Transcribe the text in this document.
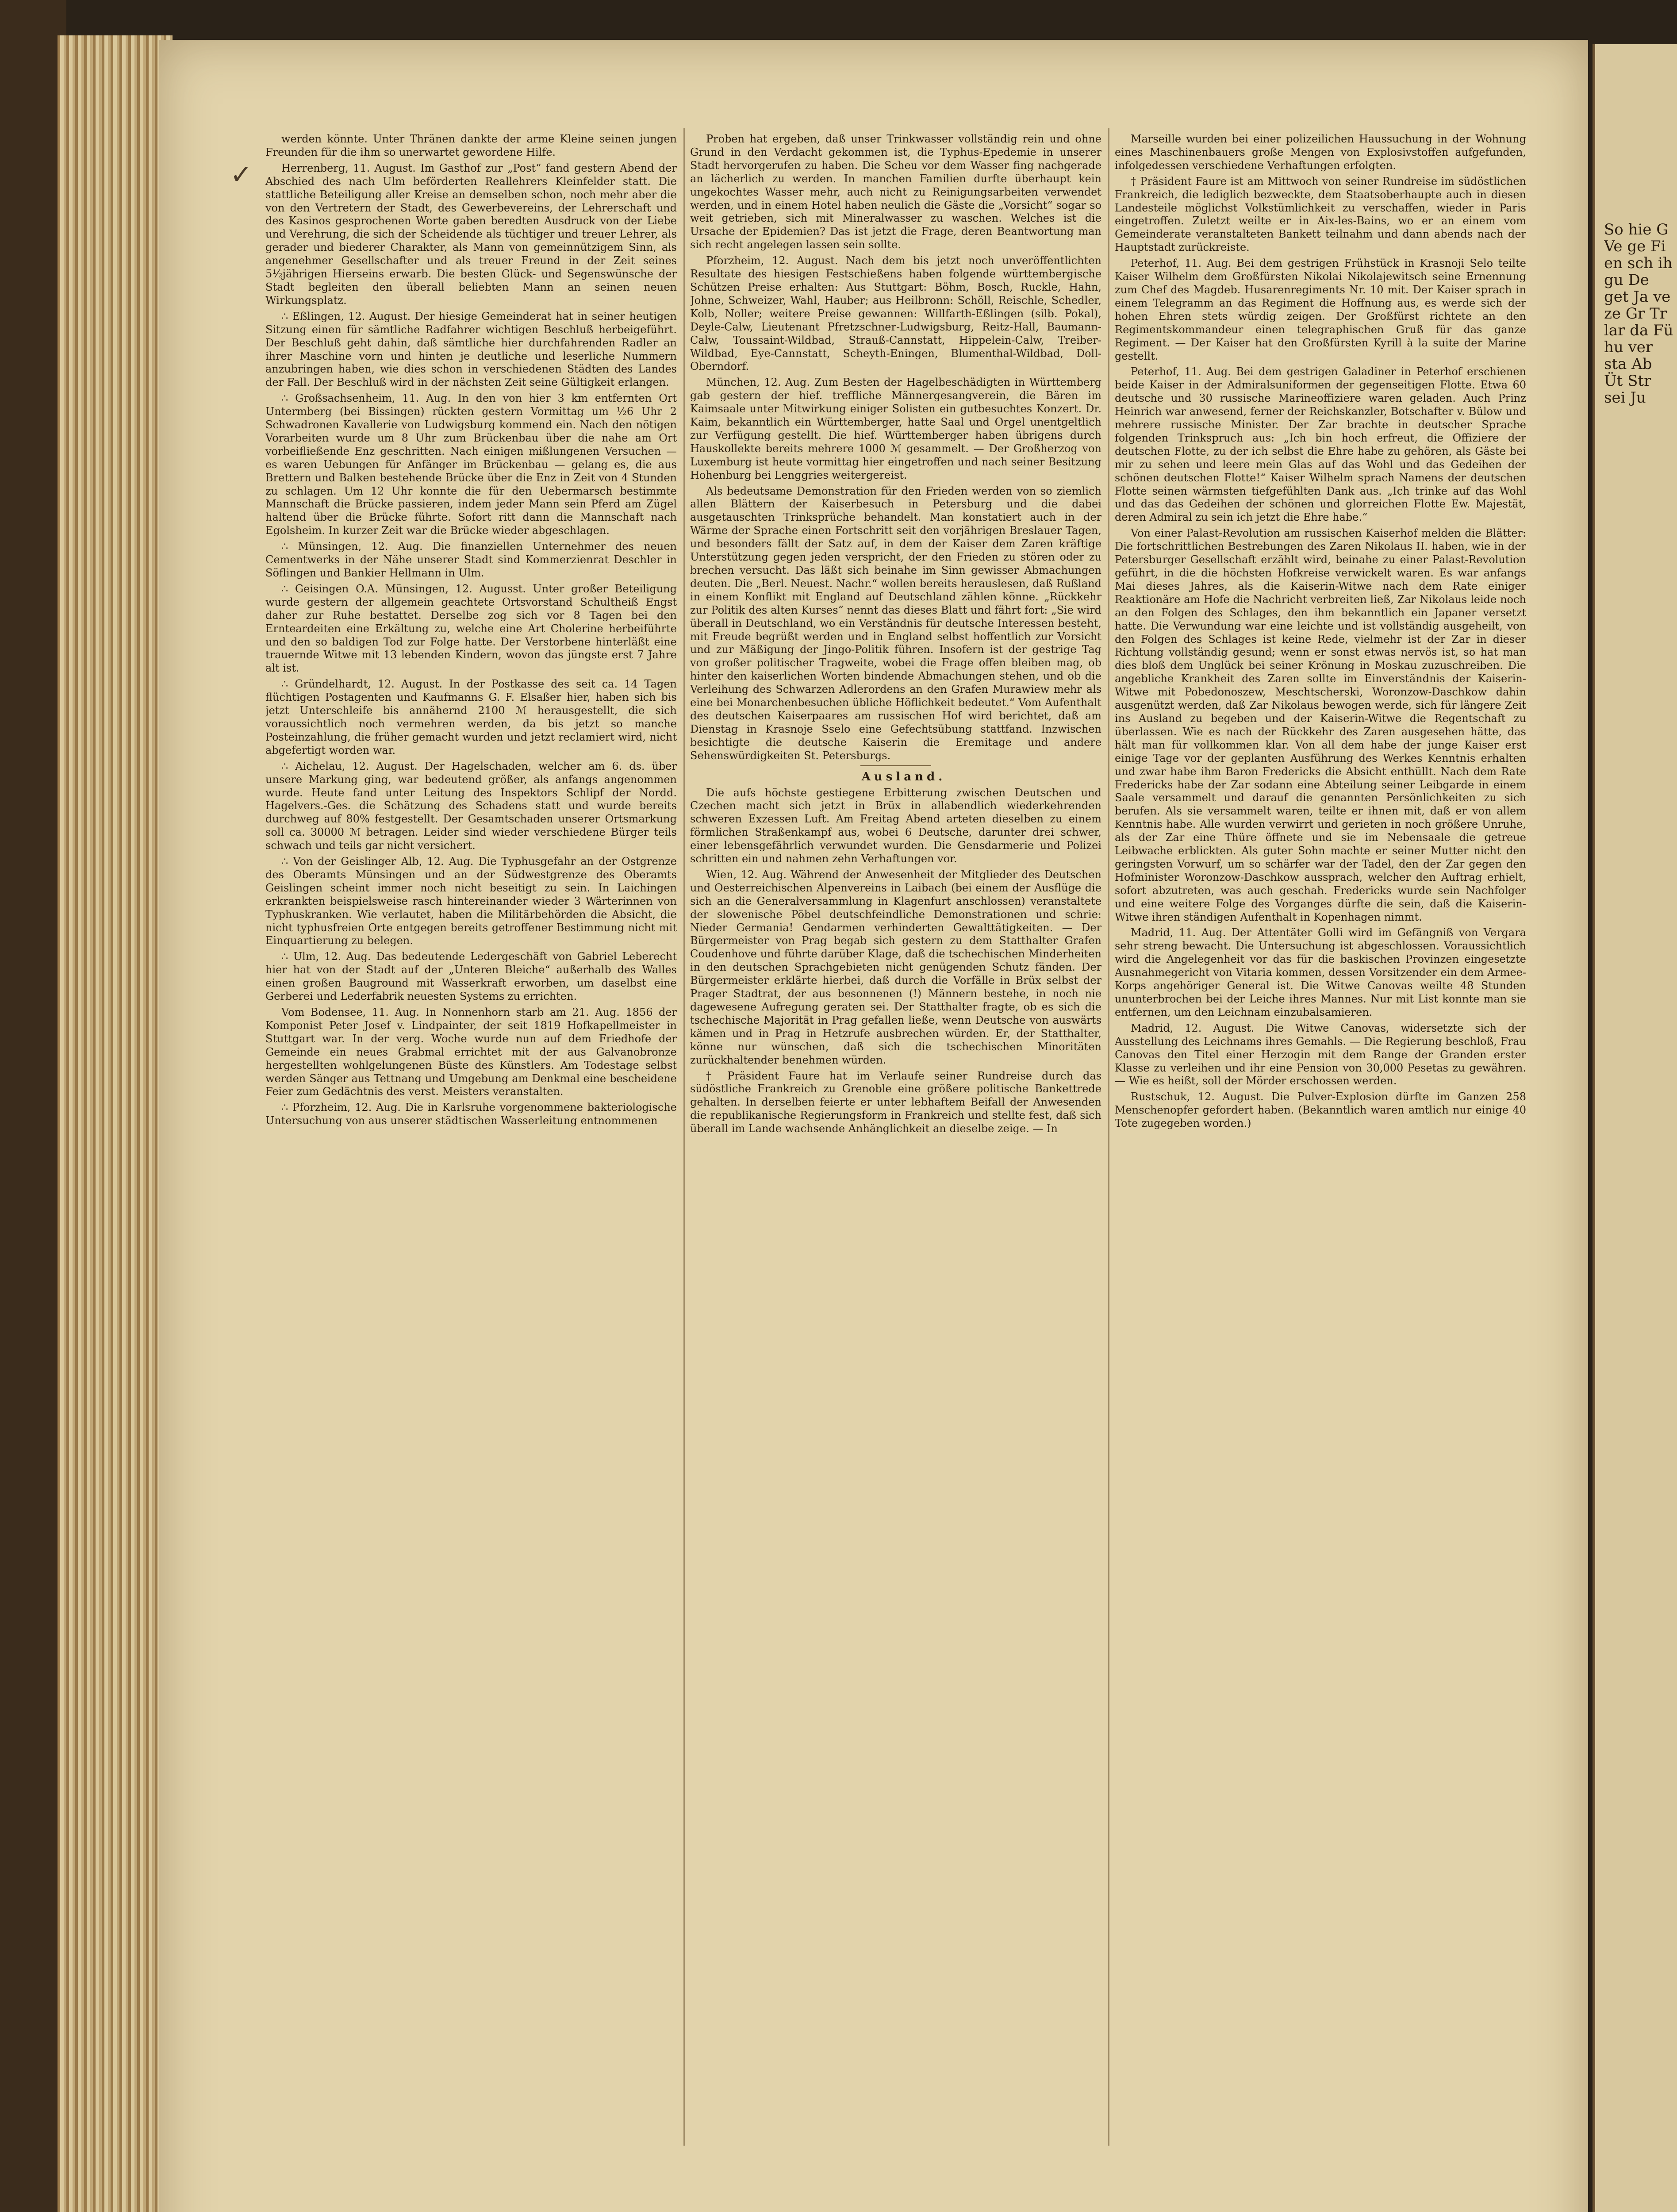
So hie G Ve ge Fi en sch ih gu De get Ja ve ze Gr Tr lar da Fü hu ver sta Ab Üt Str sei Ju
✓

werden könnte. Unter Thränen dankte der arme Kleine seinen jungen Freunden für die ihm so unerwartet gewordene Hilfe.

Herrenberg, 11. August. Im Gasthof zur „Post“ fand gestern Abend der Abschied des nach Ulm beförderten Reallehrers Kleinfelder statt. Die stattliche Beteiligung aller Kreise an demselben schon, noch mehr aber die von den Vertretern der Stadt, des Gewerbevereins, der Lehrerschaft und des Kasinos gesprochenen Worte gaben beredten Ausdruck von der Liebe und Verehrung, die sich der Scheidende als tüchtiger und treuer Lehrer, als gerader und biederer Charakter, als Mann von gemeinnützigem Sinn, als angenehmer Gesellschafter und als treuer Freund in der Zeit seines 5½jährigen Hierseins erwarb. Die besten Glück- und Segenswünsche der Stadt begleiten den überall beliebten Mann an seinen neuen Wirkungsplatz.

∴ Eßlingen, 12. August. Der hiesige Gemeinderat hat in seiner heutigen Sitzung einen für sämtliche Radfahrer wichtigen Beschluß herbeigeführt. Der Beschluß geht dahin, daß sämtliche hier durchfahrenden Radler an ihrer Maschine vorn und hinten je deutliche und leserliche Nummern anzubringen haben, wie dies schon in verschiedenen Städten des Landes der Fall. Der Beschluß wird in der nächsten Zeit seine Gültigkeit erlangen.

∴ Großsachsenheim, 11. Aug. In den von hier 3 km entfernten Ort Untermberg (bei Bissingen) rückten gestern Vormittag um ½6 Uhr 2 Schwadronen Kavallerie von Ludwigsburg kommend ein. Nach den nötigen Vorarbeiten wurde um 8 Uhr zum Brückenbau über die nahe am Ort vorbeifließende Enz geschritten. Nach einigen mißlungenen Versuchen — es waren Uebungen für Anfänger im Brückenbau — gelang es, die aus Brettern und Balken bestehende Brücke über die Enz in Zeit von 4 Stunden zu schlagen. Um 12 Uhr konnte die für den Uebermarsch bestimmte Mannschaft die Brücke passieren, indem jeder Mann sein Pferd am Zügel haltend über die Brücke führte. Sofort ritt dann die Mannschaft nach Egolsheim. In kurzer Zeit war die Brücke wieder abgeschlagen.

∴ Münsingen, 12. Aug. Die finanziellen Unternehmer des neuen Cementwerks in der Nähe unserer Stadt sind Kommerzienrat Deschler in Söflingen und Bankier Hellmann in Ulm.

∴ Geisingen O.A. Münsingen, 12. Augusst. Unter großer Beteiligung wurde gestern der allgemein geachtete Ortsvorstand Schultheiß Engst daher zur Ruhe bestattet. Derselbe zog sich vor 8 Tagen bei den Ernteardeiten eine Erkältung zu, welche eine Art Cholerine herbeiführte und den so baldigen Tod zur Folge hatte. Der Verstorbene hinterläßt eine trauernde Witwe mit 13 lebenden Kindern, wovon das jüngste erst 7 Jahre alt ist.

∴ Gründelhardt, 12. August. In der Postkasse des seit ca. 14 Tagen flüchtigen Postagenten und Kaufmanns G. F. Elsaßer hier, haben sich bis jetzt Unterschleife bis annähernd 2100 ℳ herausgestellt, die sich voraussichtlich noch vermehren werden, da bis jetzt so manche Posteinzahlung, die früher gemacht wurden und jetzt reclamiert wird, nicht abgefertigt worden war.

∴ Aichelau, 12. August. Der Hagelschaden, welcher am 6. ds. über unsere Markung ging, war bedeutend größer, als anfangs angenommen wurde. Heute fand unter Leitung des Inspektors Schlipf der Nordd. Hagelvers.-Ges. die Schätzung des Schadens statt und wurde bereits durchweg auf 80% festgestellt. Der Gesamtschaden unserer Ortsmarkung soll ca. 30000 ℳ betragen. Leider sind wieder verschiedene Bürger teils schwach und teils gar nicht versichert.

∴ Von der Geislinger Alb, 12. Aug. Die Typhusgefahr an der Ostgrenze des Oberamts Münsingen und an der Südwestgrenze des Oberamts Geislingen scheint immer noch nicht beseitigt zu sein. In Laichingen erkrankten beispielsweise rasch hintereinander wieder 3 Wärterinnen von Typhuskranken. Wie verlautet, haben die Militärbehörden die Absicht, die nicht typhusfreien Orte entgegen bereits getroffener Bestimmung nicht mit Einquartierung zu belegen.

∴ Ulm, 12. Aug. Das bedeutende Ledergeschäft von Gabriel Leberecht hier hat von der Stadt auf der „Unteren Bleiche“ außerhalb des Walles einen großen Bauground mit Wasserkraft erworben, um daselbst eine Gerberei und Lederfabrik neuesten Systems zu errichten.

Vom Bodensee, 11. Aug. In Nonnenhorn starb am 21. Aug. 1856 der Komponist Peter Josef v. Lindpainter, der seit 1819 Hofkapellmeister in Stuttgart war. In der verg. Woche wurde nun auf dem Friedhofe der Gemeinde ein neues Grabmal errichtet mit der aus Galvanobronze hergestellten wohlgelungenen Büste des Künstlers. Am Todestage selbst werden Sänger aus Tettnang und Umgebung am Denkmal eine bescheidene Feier zum Gedächtnis des verst. Meisters veranstalten.

∴ Pforzheim, 12. Aug. Die in Karlsruhe vorgenommene bakteriologische Untersuchung von aus unserer städtischen Wasserleitung entnommenen

Proben hat ergeben, daß unser Trinkwasser vollständig rein und ohne Grund in den Verdacht gekommen ist, die Typhus-Epedemie in unserer Stadt hervorgerufen zu haben. Die Scheu vor dem Wasser fing nachgerade an lächerlich zu werden. In manchen Familien durfte überhaupt kein ungekochtes Wasser mehr, auch nicht zu Reinigungsarbeiten verwendet werden, und in einem Hotel haben neulich die Gäste die „Vorsicht“ sogar so weit getrieben, sich mit Mineralwasser zu waschen. Welches ist die Ursache der Epidemien? Das ist jetzt die Frage, deren Beantwortung man sich recht angelegen lassen sein sollte.

Pforzheim, 12. August. Nach dem bis jetzt noch unveröffentlichten Resultate des hiesigen Festschießens haben folgende württembergische Schützen Preise erhalten: Aus Stuttgart: Böhm, Bosch, Ruckle, Hahn, Johne, Schweizer, Wahl, Hauber; aus Heilbronn: Schöll, Reischle, Schedler, Kolb, Noller; weitere Preise gewannen: Willfarth-Eßlingen (silb. Pokal), Deyle-Calw, Lieutenant Pfretzschner-Ludwigsburg, Reitz-Hall, Baumann-Calw, Toussaint-Wildbad, Strauß-Cannstatt, Hippelein-Calw, Treiber-Wildbad, Eye-Cannstatt, Scheyth-Eningen, Blumenthal-Wildbad, Doll-Oberndorf.

München, 12. Aug. Zum Besten der Hagelbeschädigten in Württemberg gab gestern der hief. treffliche Männergesangverein, die Bären im Kaimsaale unter Mitwirkung einiger Solisten ein gutbesuchtes Konzert. Dr. Kaim, bekanntlich ein Württemberger, hatte Saal und Orgel unentgeltlich zur Verfügung gestellt. Die hief. Württemberger haben übrigens durch Hauskollekte bereits mehrere 1000 ℳ gesammelt. — Der Großherzog von Luxemburg ist heute vormittag hier eingetroffen und nach seiner Besitzung Hohenburg bei Lenggries weitergereist.

Als bedeutsame Demonstration für den Frieden werden von so ziemlich allen Blättern der Kaiserbesuch in Petersburg und die dabei ausgetauschten Trinksprüche behandelt. Man konstatiert auch in der Wärme der Sprache einen Fortschritt seit den vorjährigen Breslauer Tagen, und besonders fällt der Satz auf, in dem der Kaiser dem Zaren kräftige Unterstützung gegen jeden verspricht, der den Frieden zu stören oder zu brechen versucht. Das läßt sich beinahe im Sinn gewisser Abmachungen deuten. Die „Berl. Neuest. Nachr.“ wollen bereits herauslesen, daß Rußland in einem Konflikt mit England auf Deutschland zählen könne. „Rückkehr zur Politik des alten Kurses“ nennt das dieses Blatt und fährt fort: „Sie wird überall in Deutschland, wo ein Verständnis für deutsche Interessen besteht, mit Freude begrüßt werden und in England selbst hoffentlich zur Vorsicht und zur Mäßigung der Jingo-Politik führen. Insofern ist der gestrige Tag von großer politischer Tragweite, wobei die Frage offen bleiben mag, ob hinter den kaiserlichen Worten bindende Abmachungen stehen, und ob die Verleihung des Schwarzen Adlerordens an den Grafen Murawiew mehr als eine bei Monarchenbesuchen übliche Höflichkeit bedeutet.“ Vom Aufenthalt des deutschen Kaiserpaares am russischen Hof wird berichtet, daß am Dienstag in Krasnoje Sselo eine Gefechtsübung stattfand. Inzwischen besichtigte die deutsche Kaiserin die Eremitage und andere Sehenswürdigkeiten St. Petersburgs.

Ausland.

Die aufs höchste gestiegene Erbitterung zwischen Deutschen und Czechen macht sich jetzt in Brüx in allabendlich wiederkehrenden schweren Exzessen Luft. Am Freitag Abend arteten dieselben zu einem förmlichen Straßenkampf aus, wobei 6 Deutsche, darunter drei schwer, einer lebensgefährlich verwundet wurden. Die Gensdarmerie und Polizei schritten ein und nahmen zehn Verhaftungen vor.

Wien, 12. Aug. Während der Anwesenheit der Mitglieder des Deutschen und Oesterreichischen Alpenvereins in Laibach (bei einem der Ausflüge die sich an die Generalversammlung in Klagenfurt anschlossen) veranstaltete der slowenische Pöbel deutschfeindliche Demonstrationen und schrie: Nieder Germania! Gendarmen verhinderten Gewalttätigkeiten. — Der Bürgermeister von Prag begab sich gestern zu dem Statthalter Grafen Coudenhove und führte darüber Klage, daß die tschechischen Minderheiten in den deutschen Sprachgebieten nicht genügenden Schutz fänden. Der Bürgermeister erklärte hierbei, daß durch die Vorfälle in Brüx selbst der Prager Stadtrat, der aus besonnenen (!) Männern bestehe, in noch nie dagewesene Aufregung geraten sei. Der Statthalter fragte, ob es sich die tschechische Majorität in Prag gefallen ließe, wenn Deutsche von auswärts kämen und in Prag in Hetzrufe ausbrechen würden. Er, der Statthalter, könne nur wünschen, daß sich die tschechischen Minoritäten zurückhaltender benehmen würden.

† Präsident Faure hat im Verlaufe seiner Rundreise durch das südöstliche Frankreich zu Grenoble eine größere politische Bankettrede gehalten. In derselben feierte er unter lebhaftem Beifall der Anwesenden die republikanische Regierungsform in Frankreich und stellte fest, daß sich überall im Lande wachsende Anhänglichkeit an dieselbe zeige. — In

Marseille wurden bei einer polizeilichen Haussuchung in der Wohnung eines Maschinenbauers große Mengen von Explosivstoffen aufgefunden, infolgedessen verschiedene Verhaftungen erfolgten.

† Präsident Faure ist am Mittwoch von seiner Rundreise im südöstlichen Frankreich, die lediglich bezweckte, dem Staatsoberhaupte auch in diesen Landesteile möglichst Volkstümlichkeit zu verschaffen, wieder in Paris eingetroffen. Zuletzt weilte er in Aix-les-Bains, wo er an einem vom Gemeinderate veranstalteten Bankett teilnahm und dann abends nach der Hauptstadt zurückreiste.

Peterhof, 11. Aug. Bei dem gestrigen Frühstück in Krasnoji Selo teilte Kaiser Wilhelm dem Großfürsten Nikolai Nikolajewitsch seine Ernennung zum Chef des Magdeb. Husarenregiments Nr. 10 mit. Der Kaiser sprach in einem Telegramm an das Regiment die Hoffnung aus, es werde sich der hohen Ehren stets würdig zeigen. Der Großfürst richtete an den Regimentskommandeur einen telegraphischen Gruß für das ganze Regiment. — Der Kaiser hat den Großfürsten Kyrill à la suite der Marine gestellt.

Peterhof, 11. Aug. Bei dem gestrigen Galadiner in Peterhof erschienen beide Kaiser in der Admiralsuniformen der gegenseitigen Flotte. Etwa 60 deutsche und 30 russische Marineoffiziere waren geladen. Auch Prinz Heinrich war anwesend, ferner der Reichskanzler, Botschafter v. Bülow und mehrere russische Minister. Der Zar brachte in deutscher Sprache folgenden Trinkspruch aus: „Ich bin hoch erfreut, die Offiziere der deutschen Flotte, zu der ich selbst die Ehre habe zu gehören, als Gäste bei mir zu sehen und leere mein Glas auf das Wohl und das Gedeihen der schönen deutschen Flotte!“ Kaiser Wilhelm sprach Namens der deutschen Flotte seinen wärmsten tiefgefühlten Dank aus. „Ich trinke auf das Wohl und das das Gedeihen der schönen und glorreichen Flotte Ew. Majestät, deren Admiral zu sein ich jetzt die Ehre habe.“

Von einer Palast-Revolution am russischen Kaiserhof melden die Blätter: Die fortschrittlichen Bestrebungen des Zaren Nikolaus II. haben, wie in der Petersburger Gesellschaft erzählt wird, beinahe zu einer Palast-Revolution geführt, in die die höchsten Hofkreise verwickelt waren. Es war anfangs Mai dieses Jahres, als die Kaiserin-Witwe nach dem Rate einiger Reaktionäre am Hofe die Nachricht verbreiten ließ, Zar Nikolaus leide noch an den Folgen des Schlages, den ihm bekanntlich ein Japaner versetzt hatte. Die Verwundung war eine leichte und ist vollständig ausgeheilt, von den Folgen des Schlages ist keine Rede, vielmehr ist der Zar in dieser Richtung vollständig gesund; wenn er sonst etwas nervös ist, so hat man dies bloß dem Unglück bei seiner Krönung in Moskau zuzuschreiben. Die angebliche Krankheit des Zaren sollte im Einverständnis der Kaiserin-Witwe mit Pobedonoszew, Meschtscherski, Woronzow-Daschkow dahin ausgenützt werden, daß Zar Nikolaus bewogen werde, sich für längere Zeit ins Ausland zu begeben und der Kaiserin-Witwe die Regentschaft zu überlassen. Wie es nach der Rückkehr des Zaren ausgesehen hätte, das hält man für vollkommen klar. Von all dem habe der junge Kaiser erst einige Tage vor der geplanten Ausführung des Werkes Kenntnis erhalten und zwar habe ihm Baron Fredericks die Absicht enthüllt. Nach dem Rate Fredericks habe der Zar sodann eine Abteilung seiner Leibgarde in einem Saale versammelt und darauf die genannten Persönlichkeiten zu sich berufen. Als sie versammelt waren, teilte er ihnen mit, daß er von allem Kenntnis habe. Alle wurden verwirrt und gerieten in noch größere Unruhe, als der Zar eine Thüre öffnete und sie im Nebensaale die getreue Leibwache erblickten. Als guter Sohn machte er seiner Mutter nicht den geringsten Vorwurf, um so schärfer war der Tadel, den der Zar gegen den Hofminister Woronzow-Daschkow aussprach, welcher den Auftrag erhielt, sofort abzutreten, was auch geschah. Fredericks wurde sein Nachfolger und eine weitere Folge des Vorganges dürfte die sein, daß die Kaiserin-Witwe ihren ständigen Aufenthalt in Kopenhagen nimmt.

Madrid, 11. Aug. Der Attentäter Golli wird im Gefängniß von Vergara sehr streng bewacht. Die Untersuchung ist abgeschlossen. Voraussichtlich wird die Angelegenheit vor das für die baskischen Provinzen eingesetzte Ausnahmegericht von Vitaria kommen, dessen Vorsitzender ein dem Armee-Korps angehöriger General ist. Die Witwe Canovas weilte 48 Stunden ununterbrochen bei der Leiche ihres Mannes. Nur mit List konnte man sie entfernen, um den Leichnam einzubalsamieren.

Madrid, 12. August. Die Witwe Canovas, widersetzte sich der Ausstellung des Leichnams ihres Gemahls. — Die Regierung beschloß, Frau Canovas den Titel einer Herzogin mit dem Range der Granden erster Klasse zu verleihen und ihr eine Pension von 30,000 Pesetas zu gewähren. — Wie es heißt, soll der Mörder erschossen werden.

Rustschuk, 12. August. Die Pulver-Explosion dürfte im Ganzen 258 Menschenopfer gefordert haben. (Bekanntlich waren amtlich nur einige 40 Tote zugegeben worden.)
